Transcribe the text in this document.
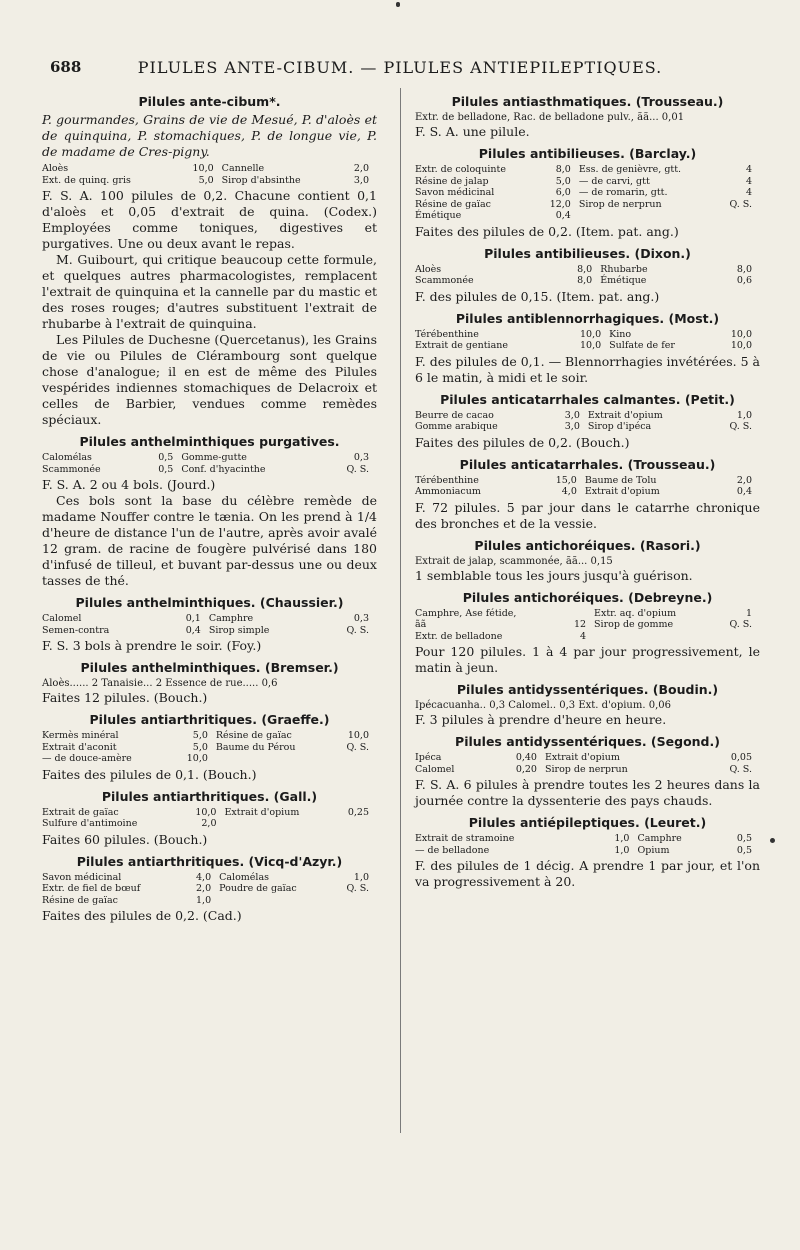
688	PILULES ANTE-CIBUM. — PILULES ANTIEPILEPTIQUES.
Pilules ante-cibum*.

P. gourmandes, Grains de vie de Mesué, P. d'aloès et de quinquina, P. stomachiques, P. de longue vie, P. de madame de Cres-pigny.

Aloès	10,0	Cannelle	2,0
Ext. de quinq. gris	5,0	Sirop d'absinthe	3,0

F. S. A. 100 pilules de 0,2. Chacune contient 0,1 d'aloès et 0,05 d'extrait de quina. (Codex.) Employées comme toniques, digestives et purgatives. Une ou deux avant le repas.

M. Guibourt, qui critique beaucoup cette formule, et quelques autres pharmacologistes, remplacent l'extrait de quinquina et la cannelle par du mastic et des roses rouges; d'autres substituent l'extrait de rhubarbe à l'extrait de quinquina.

Les Pilules de Duchesne (Quercetanus), les Grains de vie ou Pilules de Clérambourg sont quelque chose d'analogue; il en est de même des Pilules vespérides indiennes stomachiques de Delacroix et celles de Barbier, vendues comme remèdes spéciaux.

Pilules anthelminthiques purgatives.
Calomélas	0,5	Gomme-gutte	0,3
Scammonée	0,5	Conf. d'hyacinthe	Q. S.

F. S. A. 2 ou 4 bols. (Jourd.)

Ces bols sont la base du célèbre remède de madame Nouffer contre le tænia. On les prend à 1/4 d'heure de distance l'un de l'autre, après avoir avalé 12 gram. de racine de fougère pulvérisé dans 180 d'infusé de tilleul, et buvant par-dessus une ou deux tasses de thé.

Pilules anthelminthiques. (Chaussier.)
Calomel	0,1	Camphre	0,3
Semen-contra	0,4	Sirop simple	Q. S.

F. S. 3 bols à prendre le soir. (Foy.)

Pilules anthelminthiques. (Bremser.)

Aloès...... 2 Tanaisie... 2 Essence de rue..... 0,6

Faites 12 pilules. (Bouch.)

Pilules antiarthritiques. (Graeffe.)
Kermès minéral	5,0	Résine de gaïac	10,0
Extrait d'aconit	5,0	Baume du Pérou	Q. S.
— de douce-amère	10,0		

Faites des pilules de 0,1. (Bouch.)

Pilules antiarthritiques. (Gall.)
Extrait de gaïac	10,0	Extrait d'opium	0,25
Sulfure d'antimoine	2,0		

Faites 60 pilules. (Bouch.)

Pilules antiarthritiques. (Vicq-d'Azyr.)
Savon médicinal	4,0	Calomélas	1,0
Extr. de fiel de bœuf	2,0	Poudre de gaïac	Q. S.
Résine de gaïac	1,0		

Faites des pilules de 0,2. (Cad.)

Pilules antiasthmatiques. (Trousseau.)

Extr. de belladone, Rac. de belladone pulv., ãã... 0,01

F. S. A. une pilule.

Pilules antibilieuses. (Barclay.)
Extr. de coloquinte	8,0	Ess. de genièvre, gtt.	4
Résine de jalap	5,0	— de carvi, gtt	4
Savon médicinal	6,0	— de romarin, gtt.	4
Résine de gaïac	12,0	Sirop de nerprun	Q. S.
Émétique	0,4		

Faites des pilules de 0,2. (Item. pat. ang.)

Pilules antibilieuses. (Dixon.)
Aloès	8,0	Rhubarbe	8,0
Scammonée	8,0	Émétique	0,6

F. des pilules de 0,15. (Item. pat. ang.)

Pilules antiblennorrhagiques. (Most.)
Térébenthine	10,0	Kino	10,0
Extrait de gentiane	10,0	Sulfate de fer	10,0

F. des pilules de 0,1. — Blennorrhagies invétérées. 5 à 6 le matin, à midi et le soir.

Pilules anticatarrhales calmantes. (Petit.)
Beurre de cacao	3,0	Extrait d'opium	1,0
Gomme arabique	3,0	Sirop d'ipéca	Q. S.

Faites des pilules de 0,2. (Bouch.)

Pilules anticatarrhales. (Trousseau.)
Térébenthine	15,0	Baume de Tolu	2,0
Ammoniacum	4,0	Extrait d'opium	0,4

F. 72 pilules. 5 par jour dans le catarrhe chronique des bronches et de la vessie.

Pilules antichoréiques. (Rasori.)

Extrait de jalap, scammonée, ãã... 0,15

1 semblable tous les jours jusqu'à guérison.

Pilules antichoréiques. (Debreyne.)
Camphre, Ase fétide,		Extr. aq. d'opium	1
ãã	12	Sirop de gomme	Q. S.
Extr. de belladone	4		

Pour 120 pilules. 1 à 4 par jour progressivement, le matin à jeun.

Pilules antidyssentériques. (Boudin.)

Ipécacuanha.. 0,3 Calomel.. 0,3 Ext. d'opium. 0,06

F. 3 pilules à prendre d'heure en heure.

Pilules antidyssentériques. (Segond.)
Ipéca	0,40	Extrait d'opium	0,05
Calomel	0,20	Sirop de nerprun	Q. S.

F. S. A. 6 pilules à prendre toutes les 2 heures dans la journée contre la dyssenterie des pays chauds.

Pilules antiépileptiques. (Leuret.)
Extrait de stramoine	1,0	Camphre	0,5
— de belladone	1,0	Opium	0,5

F. des pilules de 1 décig. A prendre 1 par jour, et l'on va progressivement à 20.
